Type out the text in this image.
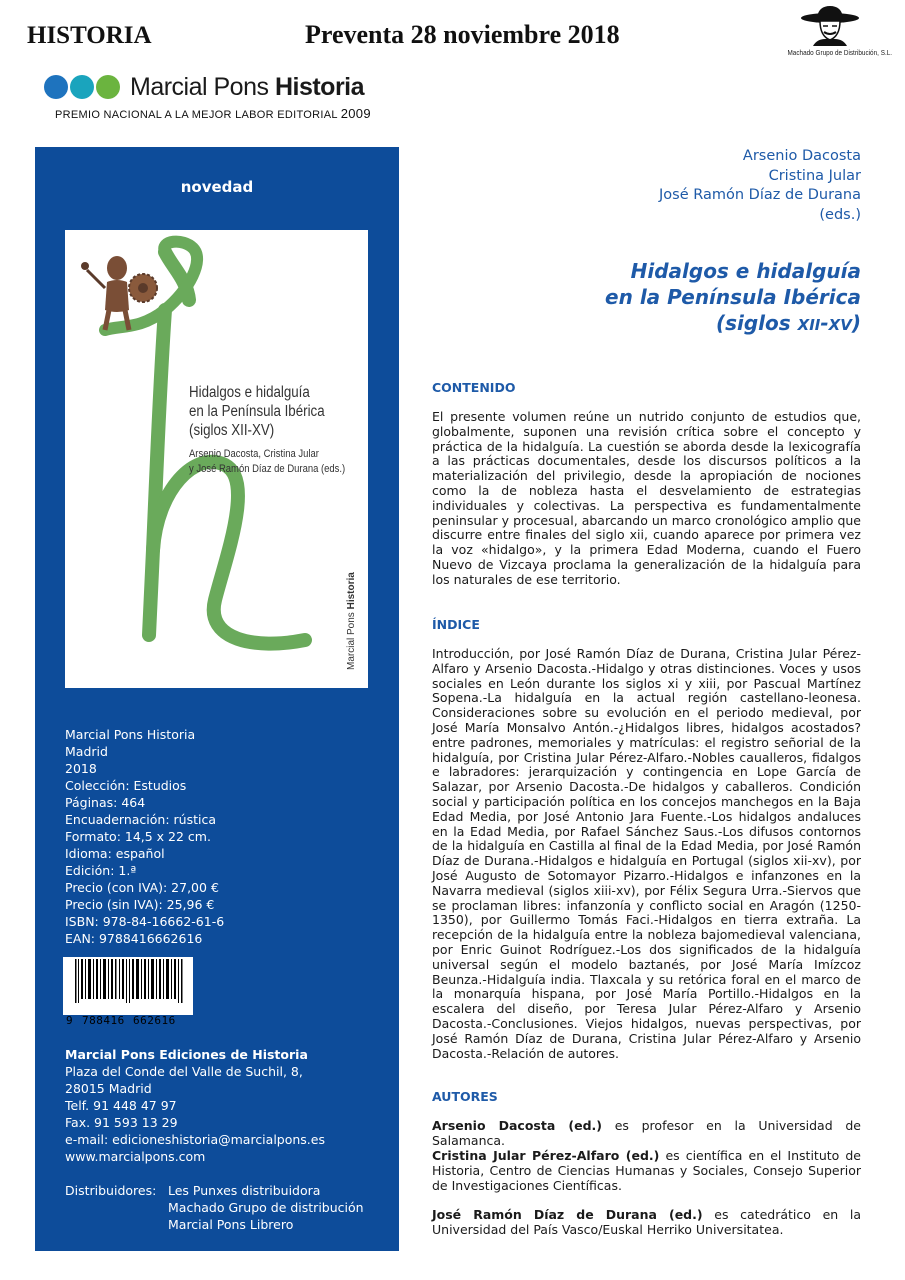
HISTORIA	Preventa 28 noviembre 2018
Machado Grupo de Distribución, S.L.
Marcial Pons Historia
PREMIO NACIONAL A LA MEJOR LABOR EDITORIAL 2009
novedad
Hidalgos e hidalguía
en la Península Ibérica
(siglos XII-XV)
Arsenio Dacosta, Cristina Jular
y José Ramón Díaz de Durana (eds.)
Marcial Pons Historia
Marcial Pons Historia
Madrid
2018
Colección: Estudios
Páginas: 464
Encuadernación: rústica
Formato: 14,5 x 22 cm.
Idioma: español
Edición: 1.ª
Precio (con IVA): 27,00 €
Precio (sin IVA): 25,96 €
ISBN: 978-84-16662-61-6
EAN: 9788416662616
9 788416 662616
Marcial Pons Ediciones de Historia
Plaza del Conde del Valle de Suchil, 8,
28015 Madrid
Telf. 91 448 47 97
Fax. 91 593 13 29
e-mail: edicioneshistoria@marcialpons.es
www.marcialpons.com
Distribuidores: Les Punxes distribuidora
Machado Grupo de distribución
Marcial Pons Librero
Arsenio Dacosta
Cristina Jular
José Ramón Díaz de Durana
(eds.)
Hidalgos e hidalguía
en la Península Ibérica
(siglos XII-XV)
CONTENIDO
El presente volumen reúne un nutrido conjunto de estudios que, globalmente, suponen una revisión crítica sobre el concepto y práctica de la hidalguía. La cuestión se aborda desde la lexicografía a las prácticas documentales, desde los discursos políticos a la materialización del privilegio, desde la apropiación de nociones como la de nobleza hasta el desvelamiento de estrategias individuales y colectivas. La perspectiva es fundamentalmente peninsular y procesual, abarcando un marco cronológico amplio que discurre entre finales del siglo xii, cuando aparece por primera vez la voz «hidalgo», y la primera Edad Moderna, cuando el Fuero Nuevo de Vizcaya proclama la generalización de la hidalguía para los naturales de ese territorio.
ÍNDICE
Introducción, por José Ramón Díaz de Durana, Cristina Jular Pérez-Alfaro y Arsenio Dacosta.-Hidalgo y otras distinciones. Voces y usos sociales en León durante los siglos xi y xiii, por Pascual Martínez Sopena.-La hidalguía en la actual región castellano-leonesa. Consideraciones sobre su evolución en el periodo medieval, por José María Monsalvo Antón.-¿Hidalgos libres, hidalgos acostados? entre padrones, memoriales y matrículas: el registro señorial de la hidalguía, por Cristina Jular Pérez-Alfaro.-Nobles caualleros, fidalgos e labradores: jerarquización y contingencia en Lope García de Salazar, por Arsenio Dacosta.-De hidalgos y caballeros. Condición social y participación política en los concejos manchegos en la Baja Edad Media, por José Antonio Jara Fuente.-Los hidalgos andaluces en la Edad Media, por Rafael Sánchez Saus.-Los difusos contornos de la hidalguía en Castilla al final de la Edad Media, por José Ramón Díaz de Durana.-Hidalgos e hidalguía en Portugal (siglos xii-xv), por José Augusto de Sotomayor Pizarro.-Hidalgos e infanzones en la Navarra medieval (siglos xiii-xv), por Félix Segura Urra.-Siervos que se proclaman libres: infanzonía y conflicto social en Aragón (1250-1350), por Guillermo Tomás Faci.-Hidalgos en tierra extraña. La recepción de la hidalguía entre la nobleza bajomedieval valenciana, por Enric Guinot Rodríguez.-Los dos significados de la hidalguía universal según el modelo baztanés, por José María Imízcoz Beunza.-Hidalguía india. Tlaxcala y su retórica foral en el marco de la monarquía hispana, por José María Portillo.-Hidalgos en la escalera del diseño, por Teresa Jular Pérez-Alfaro y Arsenio Dacosta.-Conclusiones. Viejos hidalgos, nuevas perspectivas, por José Ramón Díaz de Durana, Cristina Jular Pérez-Alfaro y Arsenio Dacosta.-Relación de autores.
AUTORES
Arsenio Dacosta (ed.) es profesor en la Universidad de Salamanca.
Cristina Jular Pérez-Alfaro (ed.) es científica en el Instituto de Historia, Centro de Ciencias Humanas y Sociales, Consejo Superior de Investigaciones Científicas.
José Ramón Díaz de Durana (ed.) es catedrático en la Universidad del País Vasco/Euskal Herriko Universitatea.
